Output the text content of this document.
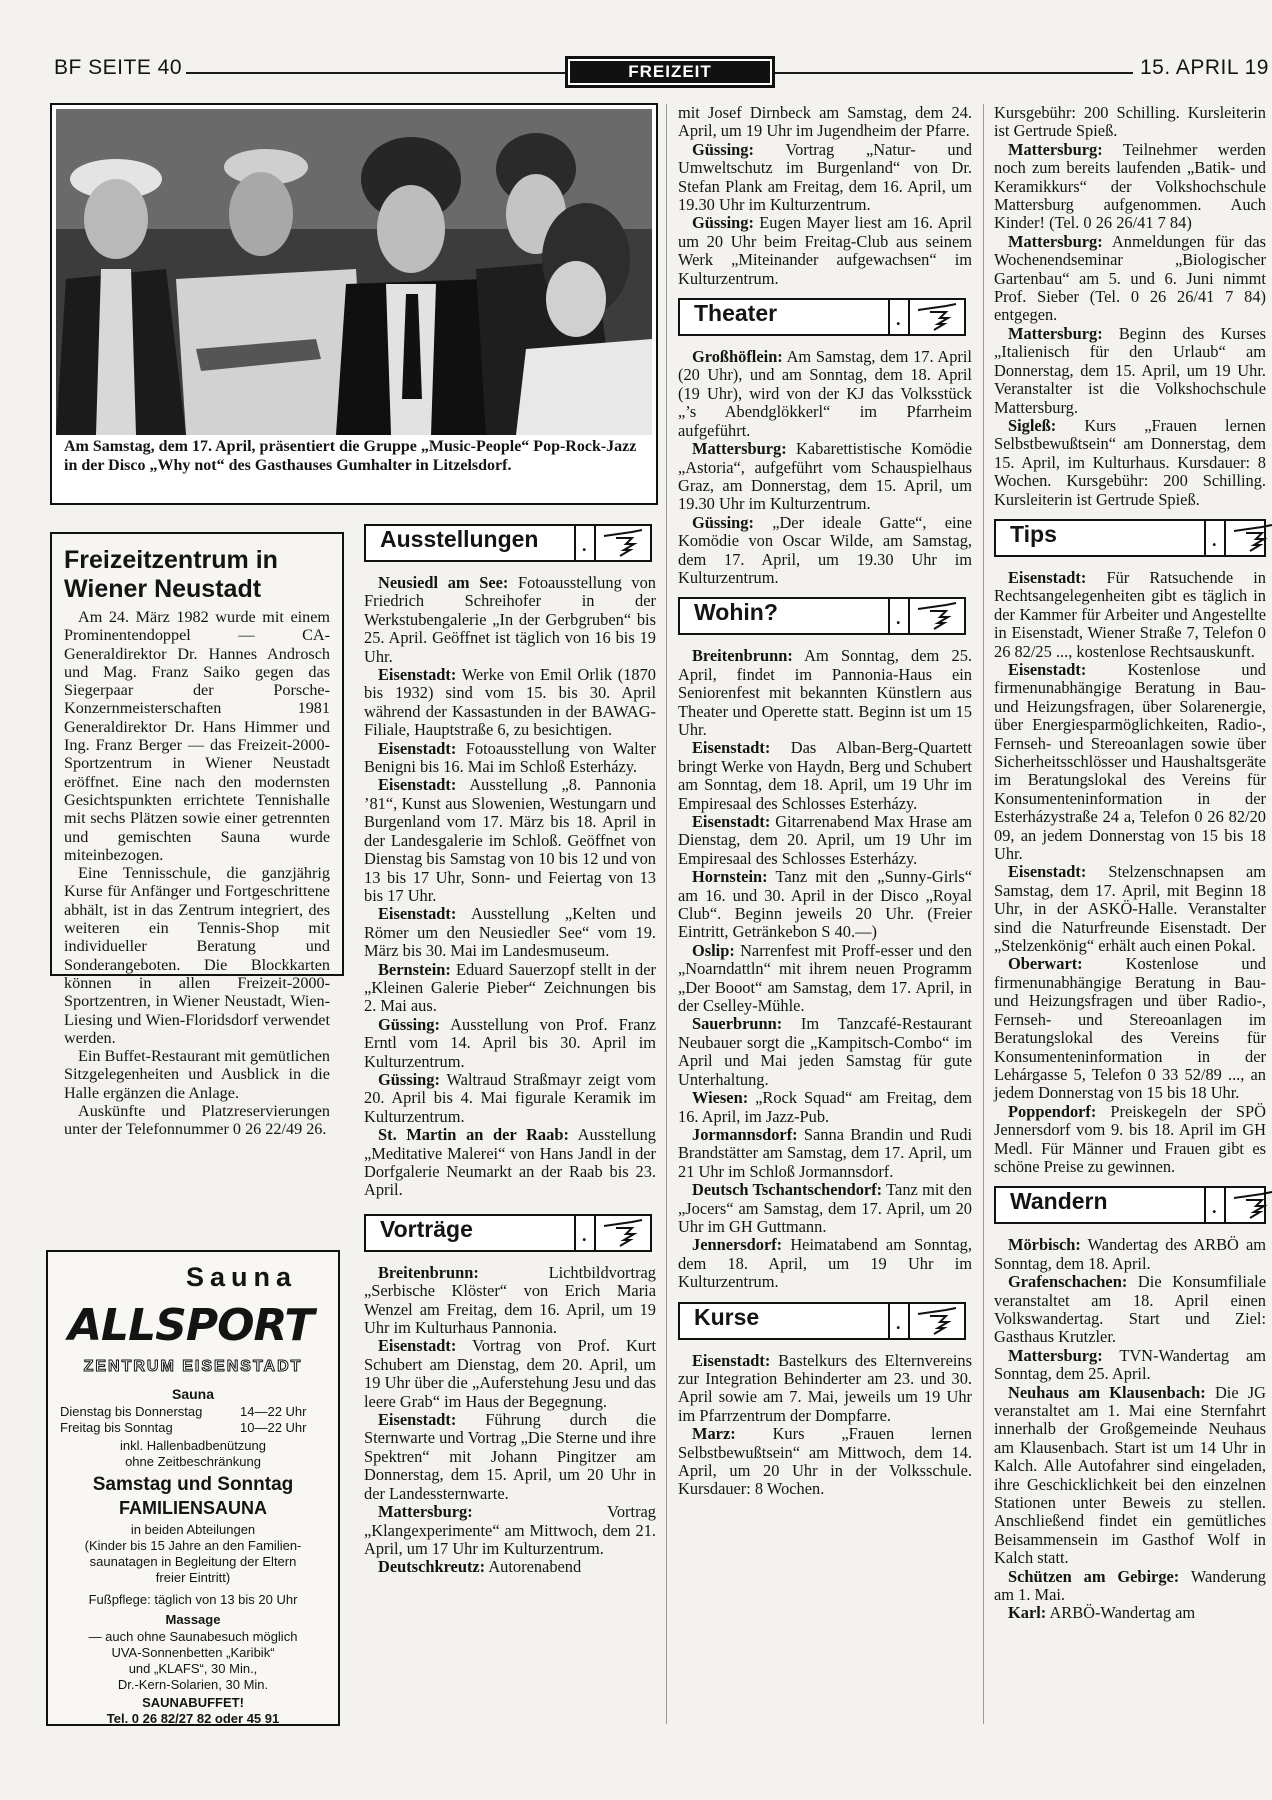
BF SEITE 40	FREIZEIT	15. APRIL 19
Am Samstag, dem 17. April, präsentiert die Gruppe „Music-People“ Pop-Rock-Jazz in der Disco „Why not“ des Gasthauses Gumhalter in Litzelsdorf.
Freizeitzentrum in Wiener Neustadt

Am 24. März 1982 wurde mit einem Prominentendoppel — CA-Generaldirektor Dr. Hannes Androsch und Mag. Franz Saiko gegen das Siegerpaar der Porsche-Konzernmeisterschaften 1981 Generaldirektor Dr. Hans Himmer und Ing. Franz Berger — das Freizeit-2000-Sportzentrum in Wiener Neustadt eröffnet. Eine nach den modernsten Gesichtspunkten errichtete Tennishalle mit sechs Plätzen sowie einer getrennten und gemischten Sauna wurde miteinbezogen.

Eine Tennisschule, die ganzjährig Kurse für Anfänger und Fortgeschrittene abhält, ist in das Zentrum integriert, des weiteren ein Tennis-Shop mit individueller Beratung und Sonderangeboten. Die Blockkarten können in allen Freizeit-2000-Sportzentren, in Wiener Neustadt, Wien-Liesing und Wien-Floridsdorf verwendet werden.

Ein Buffet-Restaurant mit gemütlichen Sitzgelegenheiten und Ausblick in die Halle ergänzen die Anlage.

Auskünfte und Platzreservierungen unter der Telefonnummer 0 26 22/49 26.

Sauna
ALLSPORT
ZENTRUM EISENSTADT
Sauna
Dienstag bis Donnerstag	14—22 Uhr
Freitag bis Sonntag	10—22 Uhr
inkl. Hallenbadbenützung
ohne Zeitbeschränkung
Samstag und Sonntag
FAMILIENSAUNA
in beiden Abteilungen
(Kinder bis 15 Jahre an den Familien-
saunatagen in Begleitung der Eltern
freier Eintritt)
Fußpflege: täglich von 13 bis 20 Uhr
Massage
— auch ohne Saunabesuch möglich
UVA-Sonnenbetten „Karibik“
und „KLAFS“, 30 Min.,
Dr.-Kern-Solarien, 30 Min.
SAUNABUFFET!
Tel. 0 26 82/27 82 oder 45 91
Ausstellungen .

Neusiedl am See: Fotoausstellung von Friedrich Schreihofer in der Werkstubengalerie „In der Gerbgruben“ bis 25. April. Geöffnet ist täglich von 16 bis 19 Uhr.

Eisenstadt: Werke von Emil Orlik (1870 bis 1932) sind vom 15. bis 30. April während der Kassastunden in der BAWAG-Filiale, Hauptstraße 6, zu besichtigen.

Eisenstadt: Fotoausstellung von Walter Benigni bis 16. Mai im Schloß Esterházy.

Eisenstadt: Ausstellung „8. Pannonia ’81“, Kunst aus Slowenien, Westungarn und Burgenland vom 17. März bis 18. April in der Landesgalerie im Schloß. Geöffnet von Dienstag bis Samstag von 10 bis 12 und von 13 bis 17 Uhr, Sonn- und Feiertag von 13 bis 17 Uhr.

Eisenstadt: Ausstellung „Kelten und Römer um den Neusiedler See“ vom 19. März bis 30. Mai im Landesmuseum.

Bernstein: Eduard Sauerzopf stellt in der „Kleinen Galerie Pieber“ Zeichnungen bis 2. Mai aus.

Güssing: Ausstellung von Prof. Franz Erntl vom 14. April bis 30. April im Kulturzentrum.

Güssing: Waltraud Straßmayr zeigt vom 20. April bis 4. Mai figurale Keramik im Kulturzentrum.

St. Martin an der Raab: Ausstellung „Meditative Malerei“ von Hans Jandl in der Dorfgalerie Neumarkt an der Raab bis 23. April.

Vorträge	.

Breitenbrunn:	Lichtbildvortrag „Serbische Klöster“ von Erich Maria Wenzel am Freitag, dem 16. April, um 19 Uhr im Kulturhaus Pannonia.

Eisenstadt: Vortrag von Prof. Kurt Schubert am Dienstag, dem 20. April, um 19 Uhr über die „Auferstehung Jesu und das leere Grab“ im Haus der Begegnung.

Eisenstadt: Führung durch die Sternwarte und Vortrag „Die Sterne und ihre Spektren“ mit Johann Pingitzer am Donnerstag, dem 15. April, um 20 Uhr in der Landessternwarte.

Mattersburg:	Vortrag „Klangexperimente“ am Mittwoch, dem 21. April, um 17 Uhr im Kulturzentrum.

Deutschkreutz: Autorenabend

mit Josef Dirnbeck am Samstag, dem 24. April, um 19 Uhr im Jugendheim der Pfarre.

Güssing: Vortrag „Natur- und Umweltschutz im Burgenland“ von Dr. Stefan Plank am Freitag, dem 16. April, um 19.30 Uhr im Kulturzentrum.

Güssing: Eugen Mayer liest am 16. April um 20 Uhr beim Freitag-Club aus seinem Werk „Miteinander aufgewachsen“ im Kulturzentrum.

Theater	.

Großhöflein: Am Samstag, dem 17. April (20 Uhr), und am Sonntag, dem 18. April (19 Uhr), wird von der KJ das Volksstück „’s Abendglökkerl“ im Pfarrheim aufgeführt.

Mattersburg: Kabarettistische Komödie „Astoria“, aufgeführt vom Schauspielhaus Graz, am Donnerstag, dem 15. April, um 19.30 Uhr im Kulturzentrum.

Güssing: „Der ideale Gatte“, eine Komödie von Oscar Wilde, am Samstag, dem 17. April, um 19.30 Uhr im Kulturzentrum.

Wohin?	.

Breitenbrunn: Am Sonntag, dem 25. April, findet im Pannonia-Haus ein Seniorenfest mit bekannten Künstlern aus Theater und Operette statt. Beginn ist um 15 Uhr.

Eisenstadt: Das Alban-Berg-Quartett bringt Werke von Haydn, Berg und Schubert am Sonntag, dem 18. April, um 19 Uhr im Empiresaal des Schlosses Esterházy.

Eisenstadt: Gitarrenabend Max Hrase am Dienstag, dem 20. April, um 19 Uhr im Empiresaal des Schlosses Esterházy.

Hornstein: Tanz mit den „Sunny-Girls“ am 16. und 30. April in der Disco „Royal Club“. Beginn jeweils 20 Uhr. (Freier Eintritt, Getränkebon S 40.—)

Oslip: Narrenfest mit Proff-esser und den „Noarndattln“ mit ihrem neuen Programm „Der Booot“ am Samstag, dem 17. April, in der Cselley-Mühle.

Sauerbrunn: Im Tanzcafé-Restaurant Neubauer sorgt die „Kampitsch-Combo“ im April und Mai jeden Samstag für gute Unterhaltung.

Wiesen: „Rock Squad“ am Freitag, dem 16. April, im Jazz-Pub.

Jormannsdorf: Sanna Brandin und Rudi Brandstätter am Samstag, dem 17. April, um 21 Uhr im Schloß Jormannsdorf.

Deutsch Tschantschendorf: Tanz mit den „Jocers“ am Samstag, dem 17. April, um 20 Uhr im GH Guttmann.

Jennersdorf: Heimatabend am Sonntag, dem 18. April, um 19 Uhr im Kulturzentrum.

Kurse	.

Eisenstadt: Bastelkurs des Elternvereins zur Integration Behinderter am 23. und 30. April sowie am 7. Mai, jeweils um 19 Uhr im Pfarrzentrum der Dompfarre.

Marz: Kurs „Frauen lernen Selbstbewußtsein“ am Mittwoch, dem 14. April, um 20 Uhr in der Volksschule. Kursdauer: 8 Wochen.

Kursgebühr: 200 Schilling. Kursleiterin ist Gertrude Spieß.

Mattersburg: Teilnehmer werden noch zum bereits laufenden „Batik- und Keramikkurs“ der Volkshochschule Mattersburg aufgenommen. Auch Kinder! (Tel. 0 26 26/41 7 84)

Mattersburg: Anmeldungen für das Wochenendseminar „Biologischer Gartenbau“ am 5. und 6. Juni nimmt Prof. Sieber (Tel. 0 26 26/41 7 84) entgegen.

Mattersburg: Beginn des Kurses „Italienisch für den Urlaub“ am Donnerstag, dem 15. April, um 19 Uhr. Veranstalter ist die Volkshochschule Mattersburg.

Sigleß: Kurs „Frauen lernen Selbstbewußtsein“ am Donnerstag, dem 15. April, im Kulturhaus. Kursdauer: 8 Wochen. Kursgebühr: 200 Schilling. Kursleiterin ist Gertrude Spieß.

Tips	.

Eisenstadt: Für Ratsuchende in Rechtsangelegenheiten gibt es täglich in der Kammer für Arbeiter und Angestellte in Eisenstadt, Wiener Straße 7, Telefon 0 26 82/25 ..., kostenlose Rechtsauskunft.

Eisenstadt:	Kostenlose und firmenunabhängige Beratung in Bau- und Heizungsfragen, über Solarenergie, über Energiesparmöglichkeiten, Radio-, Fernseh- und Stereoanlagen sowie über Sicherheitsschlösser und Haushaltsgeräte im Beratungslokal des Vereins für Konsumenteninformation in der Esterházystraße 24 a, Telefon 0 26 82/20 09, an jedem Donnerstag von 15 bis 18 Uhr.

Eisenstadt: Stelzenschnapsen am Samstag, dem 17. April, mit Beginn 18 Uhr, in der ASKÖ-Halle. Veranstalter sind die Naturfreunde Eisenstadt. Der „Stelzenkönig“ erhält auch einen Pokal.

Oberwart:	Kostenlose und firmenunabhängige Beratung in Bau- und Heizungsfragen und über Radio-, Fernseh- und Stereoanlagen im Beratungslokal des Vereins für Konsumenteninformation in der Lehárgasse 5, Telefon 0 33 52/89 ..., an jedem Donnerstag von 15 bis 18 Uhr.

Poppendorf: Preiskegeln der SPÖ Jennersdorf vom 9. bis 18. April im GH Medl. Für Männer und Frauen gibt es schöne Preise zu gewinnen.

Wandern	.

Mörbisch: Wandertag des ARBÖ am Sonntag, dem 18. April.

Grafenschachen: Die Konsumfiliale veranstaltet am 18. April einen Volkswandertag. Start und Ziel: Gasthaus Krutzler.

Mattersburg: TVN-Wandertag am Sonntag, dem 25. April.

Neuhaus am Klausenbach: Die JG veranstaltet am 1. Mai eine Sternfahrt innerhalb der Großgemeinde Neuhaus am Klausenbach. Start ist um 14 Uhr in Kalch. Alle Autofahrer sind eingeladen, ihre Geschicklichkeit bei den einzelnen Stationen unter Beweis zu stellen. Anschließend findet ein gemütliches Beisammensein im Gasthof Wolf in Kalch statt.

Schützen am Gebirge: Wanderung am 1. Mai.

Karl: ARBÖ-Wandertag am
